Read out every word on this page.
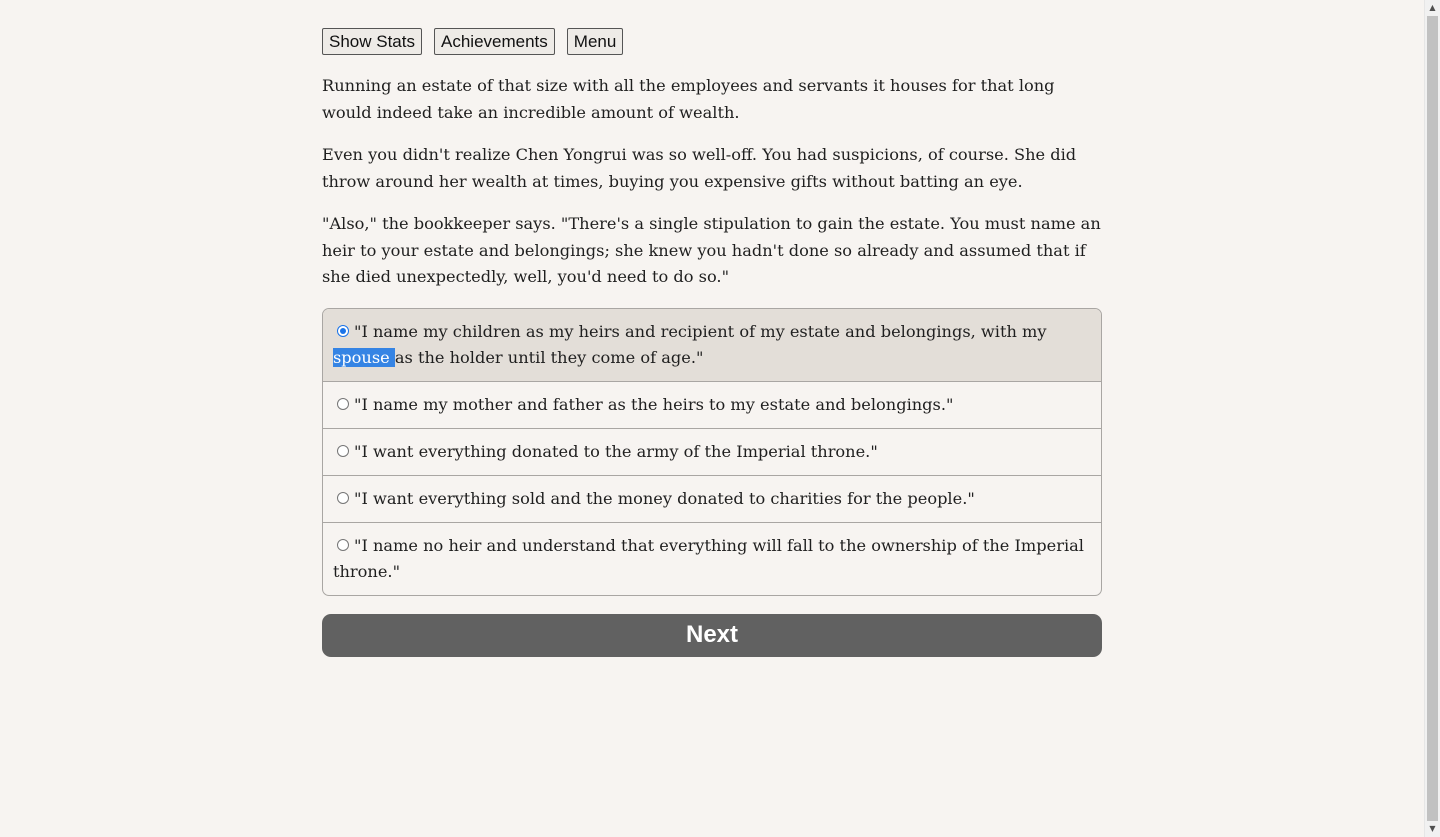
Show Stats	Achievements	Menu

Running an estate of that size with all the employees and servants it houses for that long would indeed take an incredible amount of wealth.

Even you didn't realize Chen Yongrui was so well-off. You had suspicions, of course. She did throw around her wealth at times, buying you expensive gifts without batting an eye.

"Also," the bookkeeper says. "There's a single stipulation to gain the estate. You must name an heir to your estate and belongings; she knew you hadn't done so already and assumed that if she died unexpectedly, well, you'd need to do so."

"I name my children as my heirs and recipient of my estate and belongings, with my spouse as the holder until they come of age."
"I name my mother and father as the heirs to my estate and belongings."
"I want everything donated to the army of the Imperial throne."
"I want everything sold and the money donated to charities for the people."
"I name no heir and understand that everything will fall to the ownership of the Imperial throne."
Next
▲
▼
